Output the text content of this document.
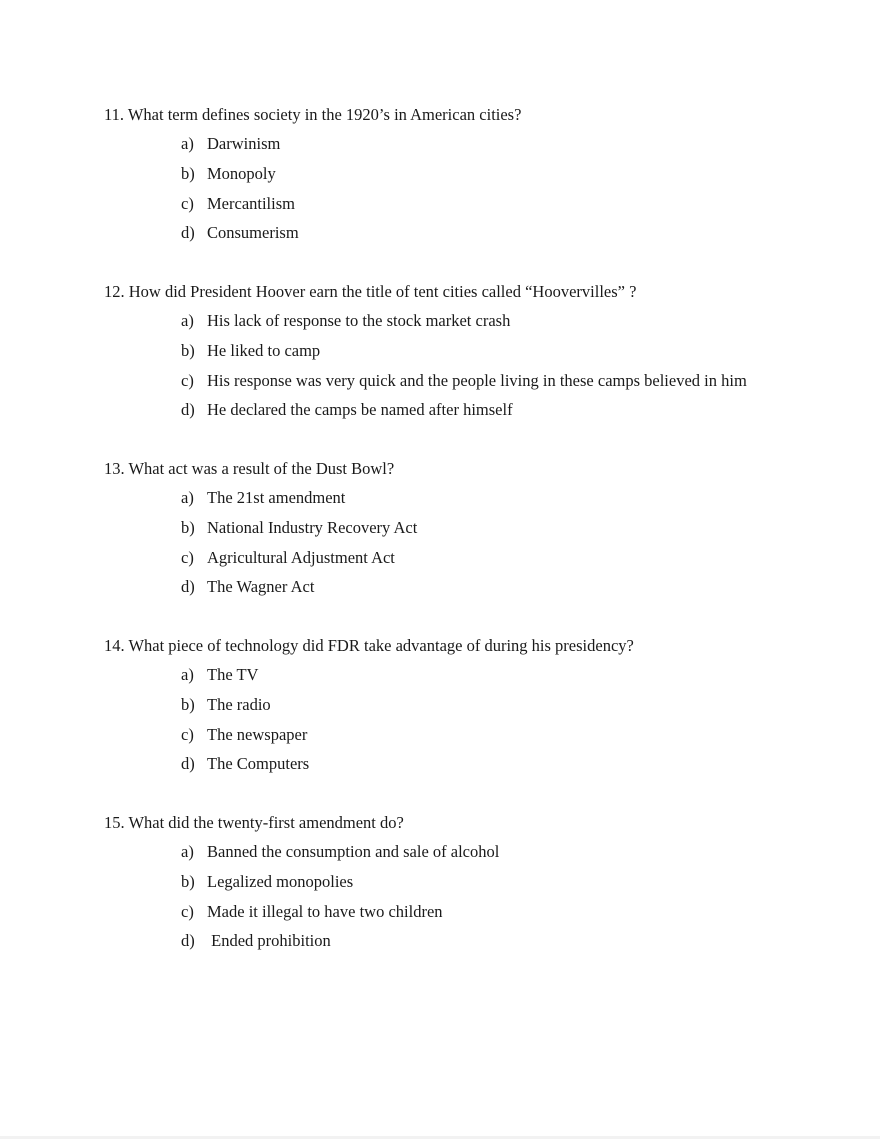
11. What term defines society in the 1920’s in American cities?
a) Darwinism
b) Monopoly
c) Mercantilism
d) Consumerism
12. How did President Hoover earn the title of tent cities called “Hoovervilles” ?
a) His lack of response to the stock market crash
b) He liked to camp
c) His response was very quick and the people living in these camps believed in him
d) He declared the camps be named after himself
13. What act was a result of the Dust Bowl?
a) The 21st amendment
b) National Industry Recovery Act
c) Agricultural Adjustment Act
d) The Wagner Act
14. What piece of technology did FDR take advantage of during his presidency?
a) The TV
b) The radio
c) The newspaper
d) The Computers
15. What did the twenty-first amendment do?
a) Banned the consumption and sale of alcohol
b) Legalized monopolies
c) Made it illegal to have two children
d) Ended prohibition
